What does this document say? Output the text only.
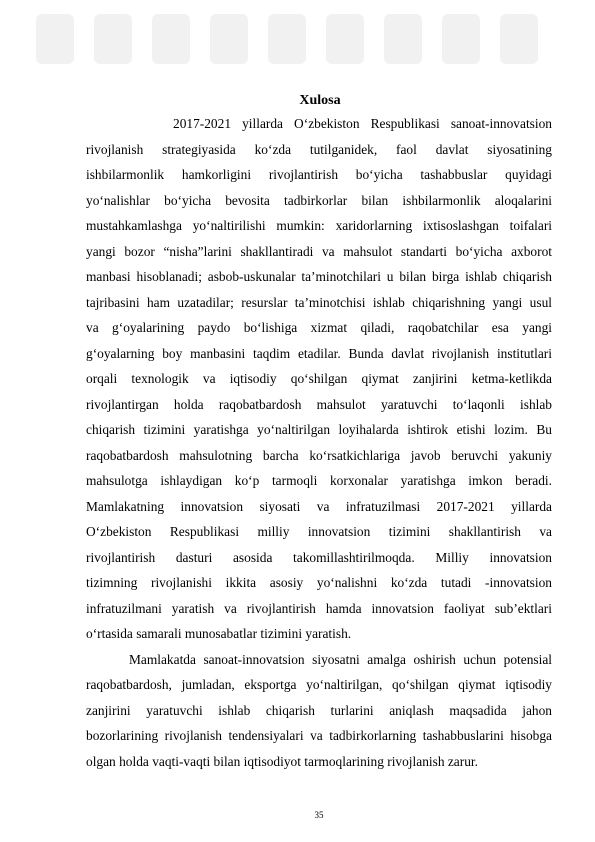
Xulosa
2017-2021 yillarda O‘zbekiston Respublikasi sanoat-innovatsion
rivojlanish strategiyasida ko‘zda tutilganidek, faol davlat siyosatining
ishbilarmonlik hamkorligini rivojlantirish bo‘yicha tashabbuslar quyidagi
yo‘nalishlar bo‘yicha bevosita tadbirkorlar bilan ishbilarmonlik aloqalarini
mustahkamlashga yo‘naltirilishi mumkin: xaridorlarning ixtisoslashgan toifalari
yangi bozor “nisha”larini shakllantiradi va mahsulot standarti bo‘yicha axborot
manbasi hisoblanadi; asbob-uskunalar ta’minotchilari u bilan birga ishlab chiqarish
tajribasini ham uzatadilar; resurslar ta’minotchisi ishlab chiqarishning yangi usul
va g‘oyalarining paydo bo‘lishiga xizmat qiladi, raqobatchilar esa yangi
g‘oyalarning boy manbasini taqdim etadilar. Bunda davlat rivojlanish institutlari
orqali texnologik va iqtisodiy qo‘shilgan qiymat zanjirini ketma-ketlikda
rivojlantirgan holda raqobatbardosh mahsulot yaratuvchi to‘laqonli ishlab
chiqarish tizimini yaratishga yo‘naltirilgan loyihalarda ishtirok etishi lozim. Bu
raqobatbardosh mahsulotning barcha ko‘rsatkichlariga javob beruvchi yakuniy
mahsulotga ishlaydigan ko‘p tarmoqli korxonalar yaratishga imkon beradi.
Mamlakatning innovatsion siyosati va infratuzilmasi 2017-2021 yillarda
O‘zbekiston Respublikasi milliy innovatsion tizimini shakllantirish va
rivojlantirish dasturi asosida takomillashtirilmoqda. Milliy innovatsion
tizimning rivojlanishi ikkita asosiy yo‘nalishni ko‘zda tutadi -innovatsion
infratuzilmani yaratish va rivojlantirish hamda innovatsion faoliyat sub’ektlari
o‘rtasida samarali munosabatlar tizimini yaratish.
Mamlakatda sanoat-innovatsion siyosatni amalga oshirish uchun potensial
raqobatbardosh, jumladan, eksportga yo‘naltirilgan, qo‘shilgan qiymat iqtisodiy
zanjirini yaratuvchi ishlab chiqarish turlarini aniqlash maqsadida jahon
bozorlarining rivojlanish tendensiyalari va tadbirkorlarning tashabbuslarini hisobga
olgan holda vaqti-vaqti bilan iqtisodiyot tarmoqlarining rivojlanish zarur.
35
